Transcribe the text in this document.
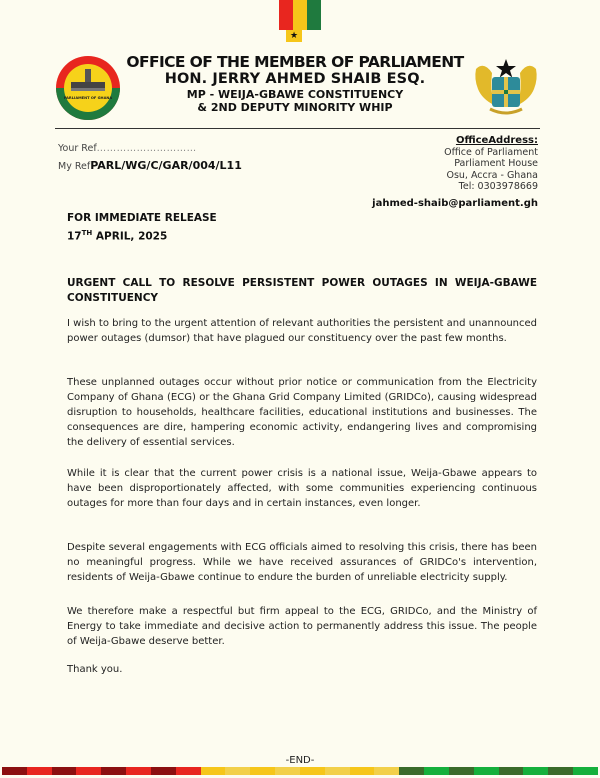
★
PARLIAMENT OF GHANA
OFFICE OF THE MEMBER OF PARLIAMENT
HON. JERRY AHMED SHAIB ESQ.
MP - WEIJA-GBAWE CONSTITUENCY
& 2ND DEPUTY MINORITY WHIP
Your Ref…………………………
My RefPARL/WG/C/GAR/004/L11
OfficeAddress:
Office of Parliament
Parliament House
Osu, Accra - Ghana
Tel: 0303978669
jahmed-shaib@parliament.gh
FOR IMMEDIATE RELEASE
17TH APRIL, 2025
URGENT CALL TO RESOLVE PERSISTENT POWER OUTAGES IN WEIJA-GBAWE CONSTITUENCY
I wish to bring to the urgent attention of relevant authorities the persistent and unannounced power outages (dumsor) that have plagued our constituency over the past few months.
These unplanned outages occur without prior notice or communication from the Electricity Company of Ghana (ECG) or the Ghana Grid Company Limited (GRIDCo), causing widespread disruption to households, healthcare facilities, educational institutions and businesses. The consequences are dire, hampering economic activity, endangering lives and compromising the delivery of essential services.
While it is clear that the current power crisis is a national issue, Weija-Gbawe appears to have been disproportionately affected, with some communities experiencing continuous outages for more than four days and in certain instances, even longer.
Despite several engagements with ECG officials aimed to resolving this crisis, there has been no meaningful progress. While we have received assurances of GRIDCo's intervention, residents of Weija-Gbawe continue to endure the burden of unreliable electricity supply.
We therefore make a respectful but firm appeal to the ECG, GRIDCo, and the Ministry of Energy to take immediate and decisive action to permanently address this issue. The people of Weija-Gbawe deserve better.
Thank you.
-END-
